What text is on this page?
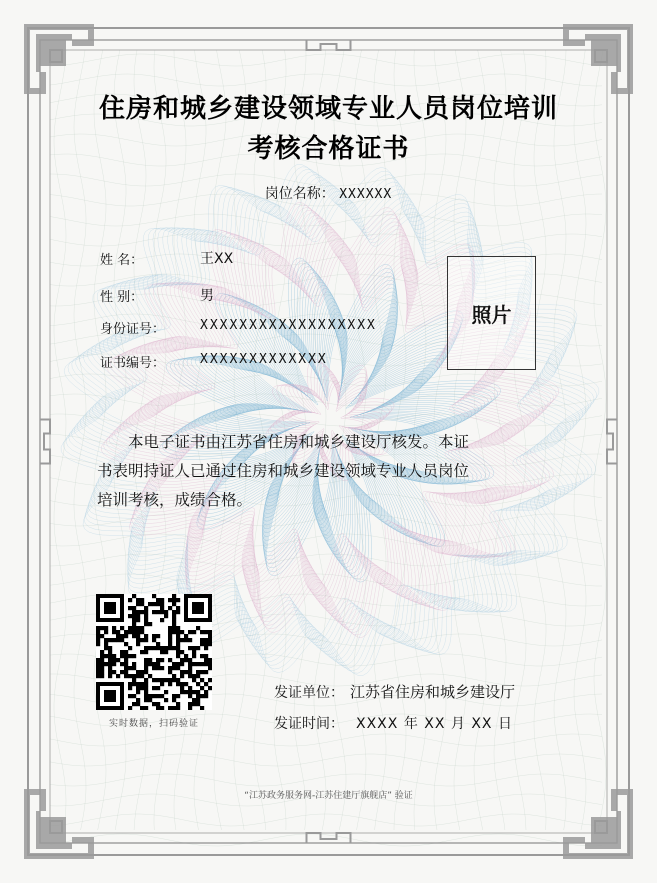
住房和城乡建设领域专业人员岗位培训
考核合格证书
岗位名称： XXXXXX
姓 名：	王XX
性 别：	男
身份证号：	XXXXXXXXXXXXXXXXXX
证书编号：	XXXXXXXXXXXXX
照片
本电子证书由江苏省住房和城乡建设厅核发。本证
书表明持证人已通过住房和城乡建设领域专业人员岗位
培训考核，成绩合格。
实时数据，扫码验证
发证单位： 江苏省住房和城乡建设厅
发证时间： XXXX 年 XX 月 XX 日
“江苏政务服务网-江苏住建厅旗舰店” 验证
